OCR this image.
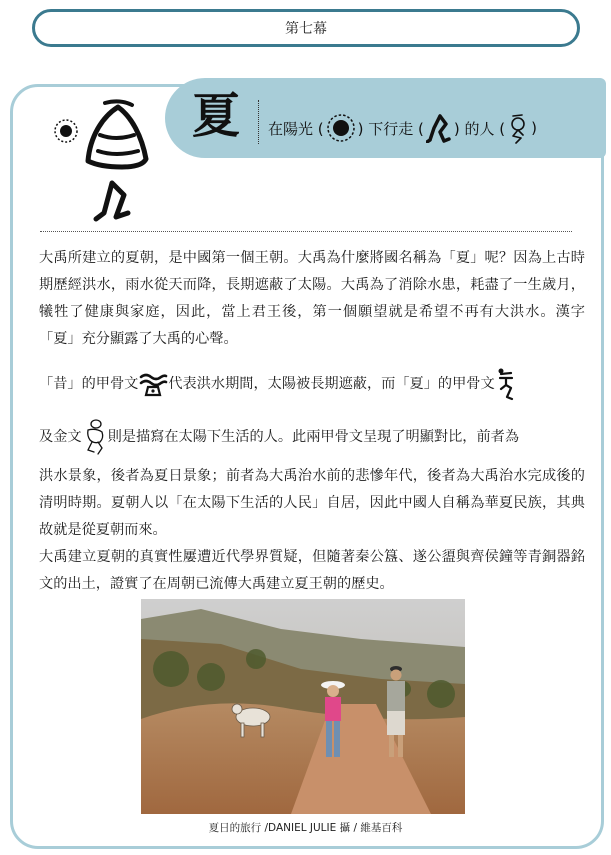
第七幕
夏 在陽光 ( ) 下行走 ( ) 的人 ( )
大禹所建立的夏朝，是中國第一個王朝。大禹為什麼將國名稱為「夏」呢？因為上古時期歷經洪水，雨水從天而降，長期遮蔽了太陽。大禹為了消除水患，耗盡了一生歲月，犧牲了健康與家庭，因此，當上君王後，第一個願望就是希望不再有大洪水。漢字「夏」充分顯露了大禹的心聲。
「昔」的甲骨文 代表洪水期間，太陽被長期遮蔽，而「夏」的甲骨文
及金文 則是描寫在太陽下生活的人。此兩甲骨文呈現了明顯對比，前者為
洪水景象，後者為夏日景象；前者為大禹治水前的悲慘年代，後者為大禹治水完成後的清明時期。夏朝人以「在太陽下生活的人民」自居，因此中國人自稱為華夏民族，其典故就是從夏朝而來。
大禹建立夏朝的真實性屢遭近代學界質疑，但隨著秦公簋、遂公盨與齊侯鐘等青銅器銘文的出土，證實了在周朝已流傳大禹建立夏王朝的歷史。
夏日的旅行 /DANIEL JULIE 攝 / 維基百科
